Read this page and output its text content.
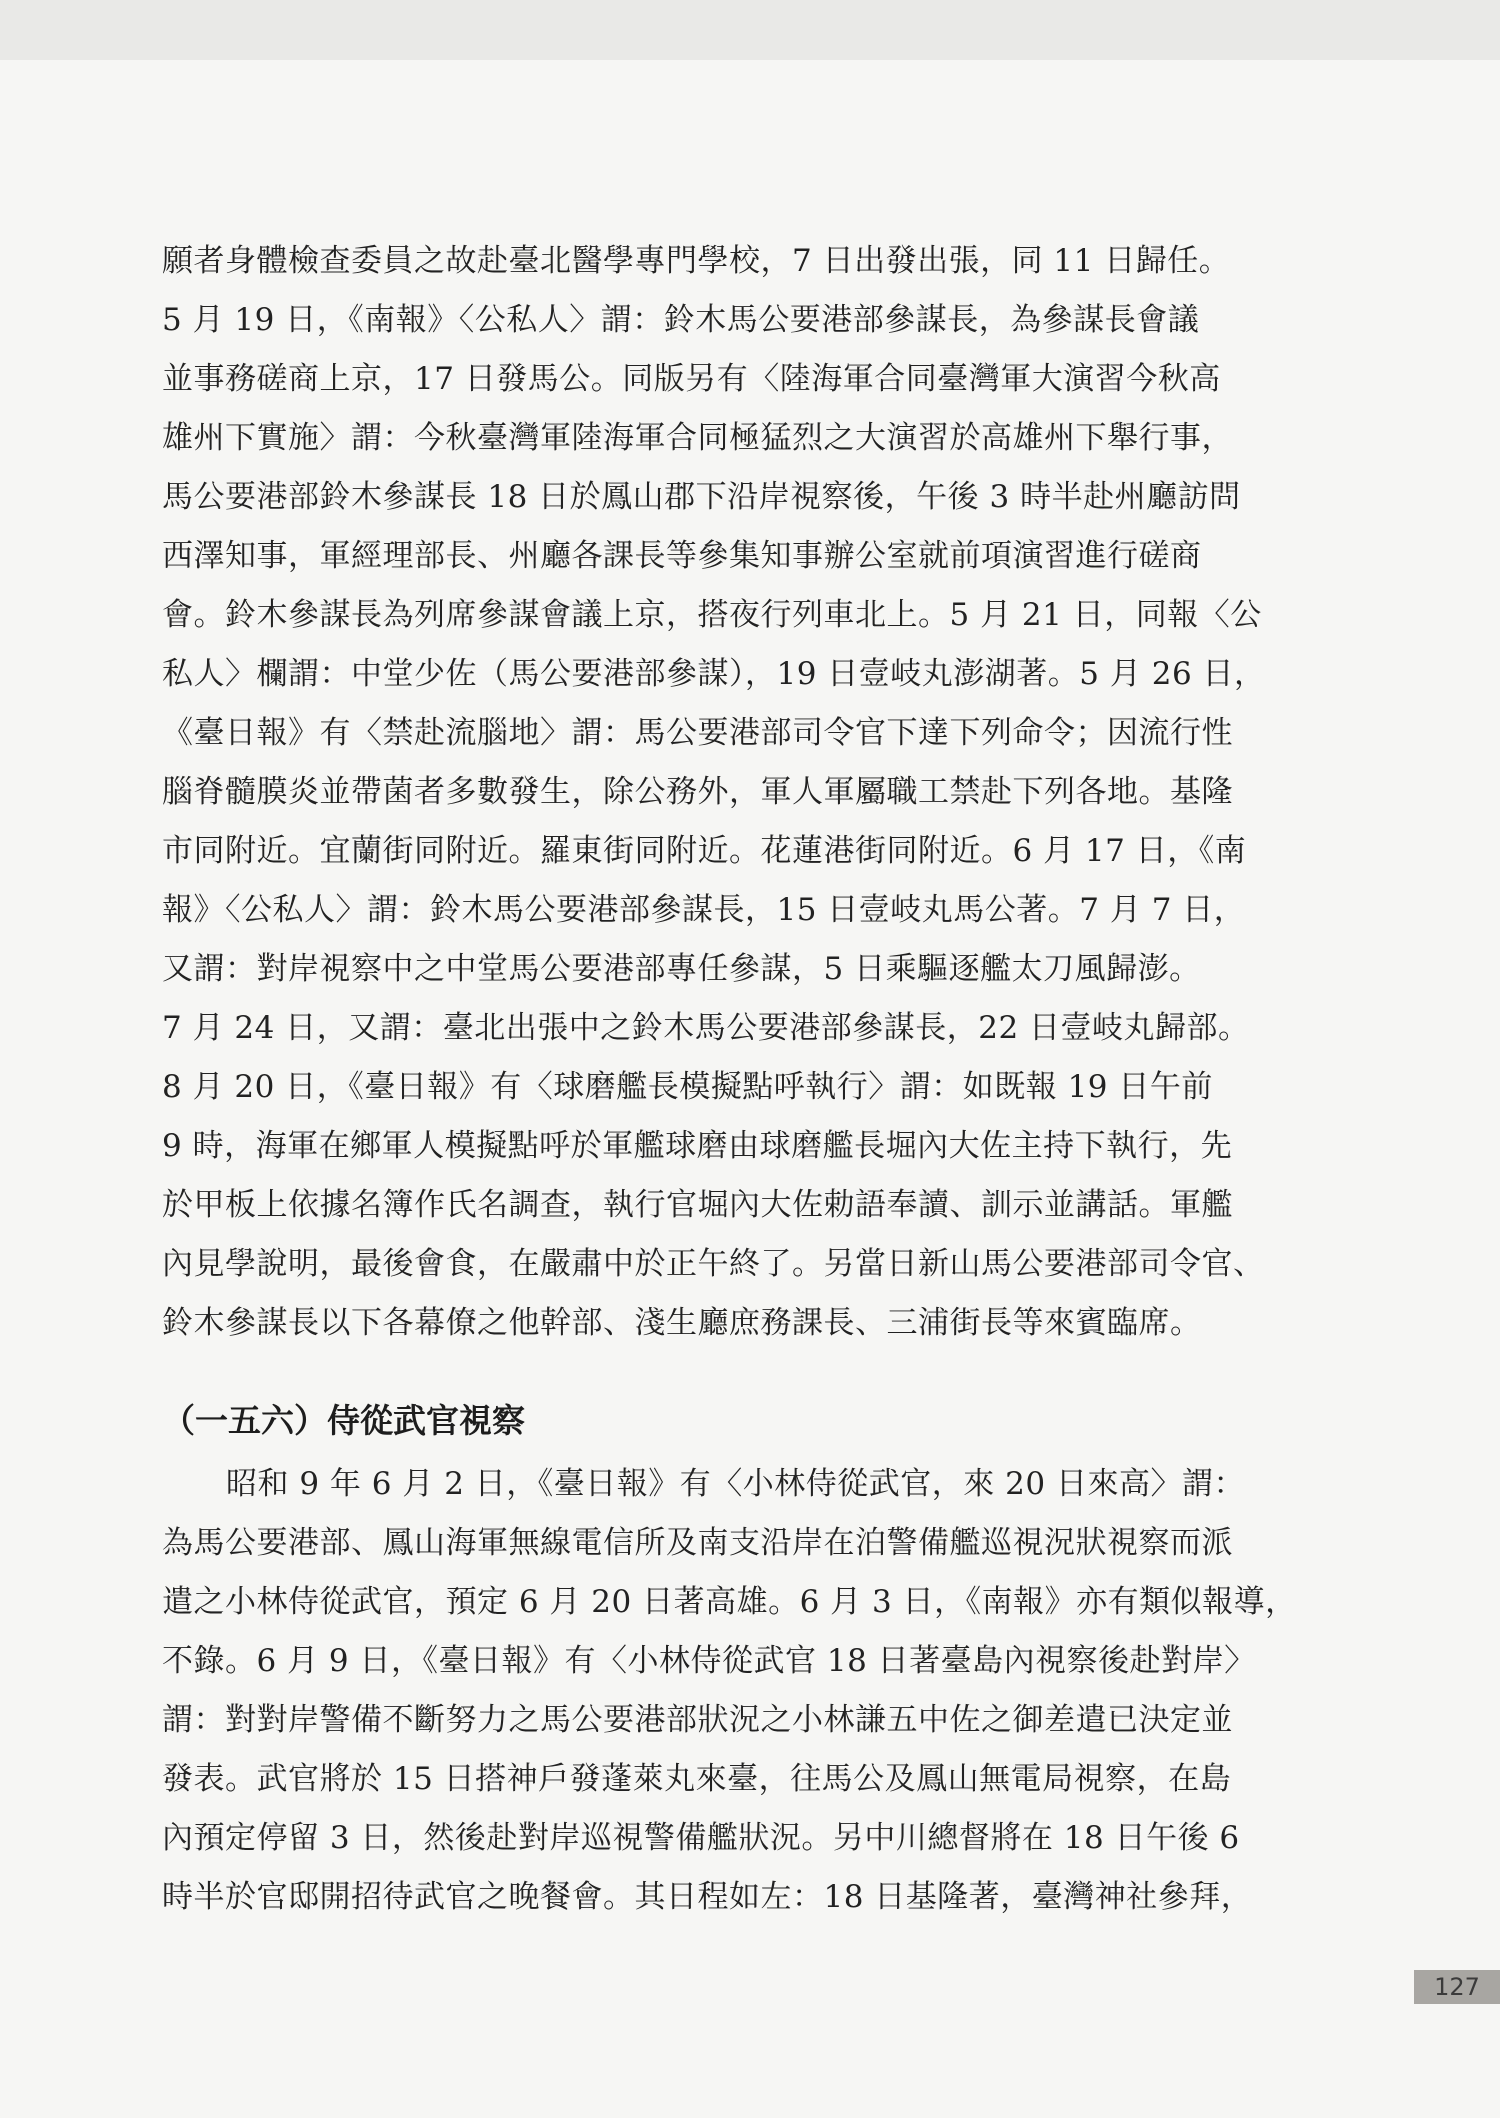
願者身體檢查委員之故赴臺北醫學專門學校，7 日出發出張，同 11 日歸任。
5 月 19 日，《南報》〈公私人〉謂：鈴木馬公要港部參謀長，為參謀長會議
並事務磋商上京，17 日發馬公。同版另有〈陸海軍合同臺灣軍大演習今秋高
雄州下實施〉謂：今秋臺灣軍陸海軍合同極猛烈之大演習於高雄州下舉行事，
馬公要港部鈴木參謀長 18 日於鳳山郡下沿岸視察後，午後 3 時半赴州廳訪問
西澤知事，軍經理部長、州廳各課長等參集知事辦公室就前項演習進行磋商
會。鈴木參謀長為列席參謀會議上京，搭夜行列車北上。5 月 21 日，同報〈公
私人〉欄謂：中堂少佐（馬公要港部參謀），19 日壹岐丸澎湖著。5 月 26 日，
《臺日報》有〈禁赴流腦地〉謂：馬公要港部司令官下達下列命令；因流行性
腦脊髓膜炎並帶菌者多數發生，除公務外，軍人軍屬職工禁赴下列各地。基隆
市同附近。宜蘭街同附近。羅東街同附近。花蓮港街同附近。6 月 17 日，《南
報》〈公私人〉謂：鈴木馬公要港部參謀長，15 日壹岐丸馬公著。7 月 7 日，
又謂：對岸視察中之中堂馬公要港部專任參謀，5 日乘驅逐艦太刀風歸澎。
7 月 24 日，又謂：臺北出張中之鈴木馬公要港部參謀長，22 日壹岐丸歸部。
8 月 20 日，《臺日報》有〈球磨艦長模擬點呼執行〉謂：如既報 19 日午前
9 時，海軍在鄉軍人模擬點呼於軍艦球磨由球磨艦長堀內大佐主持下執行，先
於甲板上依據名簿作氏名調查，執行官堀內大佐勅語奉讀、訓示並講話。軍艦
內見學說明，最後會食，在嚴肅中於正午終了。另當日新山馬公要港部司令官、
鈴木參謀長以下各幕僚之他幹部、淺生廳庶務課長、三浦街長等來賓臨席。

（一五六）侍從武官視察

昭和 9 年 6 月 2 日，《臺日報》有〈小林侍從武官，來 20 日來高〉謂：
為馬公要港部、鳳山海軍無線電信所及南支沿岸在泊警備艦巡視況狀視察而派
遣之小林侍從武官，預定 6 月 20 日著高雄。6 月 3 日，《南報》亦有類似報導，
不錄。6 月 9 日，《臺日報》有〈小林侍從武官 18 日著臺島內視察後赴對岸〉
謂：對對岸警備不斷努力之馬公要港部狀況之小林謙五中佐之御差遣已決定並
發表。武官將於 15 日搭神戶發蓬萊丸來臺，往馬公及鳳山無電局視察，在島
內預定停留 3 日，然後赴對岸巡視警備艦狀況。另中川總督將在 18 日午後 6
時半於官邸開招待武官之晚餐會。其日程如左：18 日基隆著，臺灣神社參拜，

127
